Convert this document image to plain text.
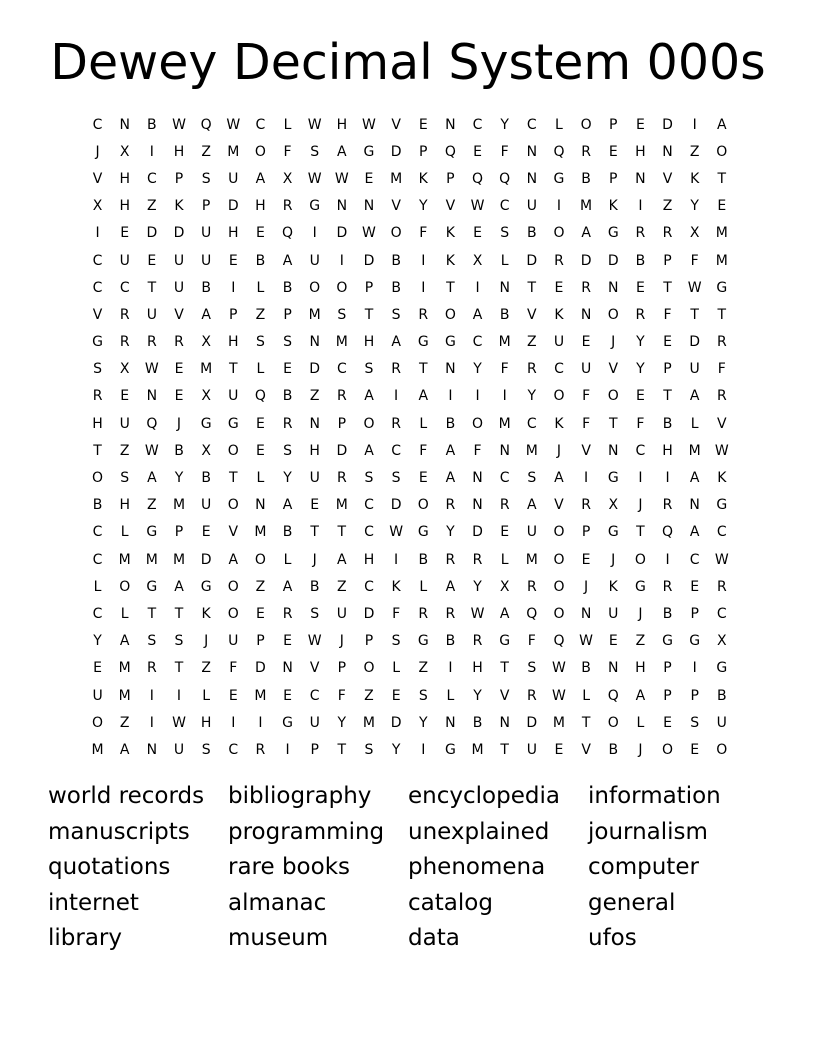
Dewey Decimal System 000s
C	N	B	W	Q	W	C	L	W	H	W	V	E	N	C	Y	C	L	O	P	E	D	I	A
J	X	I	H	Z	M	O	F	S	A	G	D	P	Q	E	F	N	Q	R	E	H	N	Z	O
V	H	C	P	S	U	A	X	W W	E	M	K	P	Q	Q	N	G	B	P	N	V	K	T
X	H	Z	K	P	D	H	R	G	N	N	V	Y	V	W	C	U	I	M	K	I	Z	Y	E
I	E	D	D	U	H	E	Q	I	D	W	O	F	K	E	S	B	O	A	G	R	R	X	M
C	U	E	U	U	E	B	A	U	I	D	B	I	K	X	L	D	R	D	D	B	P	F	M
C	C	T	U	B	I	L	B	O	O	P	B	I	T	I	N	T	E	R	N	E	T	W	G
V	R	U	V	A	P	Z	P	M	S	T	S	R	O	A	B	V	K	N	O	R	F	T	T
G	R	R	R	X	H	S	S	N	M	H	A	G	G	C	M	Z	U	E	J	Y	E	D	R
S	X	W	E	M	T	L	E	D	C	S	R	T	N	Y	F	R	C	U	V	Y	P	U	F
R	E	N	E	X	U	Q	B	Z	R	A	I	A	I	I	I	Y	O	F	O	E	T	A	R
H	U	Q	J	G	G	E	R	N	P	O	R	L	B	O	M	C	K	F	T	F	B	L	V
T	Z	W	B	X	O	E	S	H	D	A	C	F	A	F	N	M	J	V	N	C	H	M	W
O	S	A	Y	B	T	L	Y	U	R	S	S	E	A	N	C	S	A	I	G	I	I	A	K
B	H	Z	M	U	O	N	A	E	M	C	D	O	R	N	R	A	V	R	X	J	R	N	G
C	L	G	P	E	V	M	B	T	T	C	W	G	Y	D	E	U	O	P	G	T	Q	A	C
C	M	M	M	D	A	O	L	J	A	H	I	B	R	R	L	M	O	E	J	O	I	C	W
L	O	G	A	G	O	Z	A	B	Z	C	K	L	A	Y	X	R	O	J	K	G	R	E	R
C	L	T	T	K	O	E	R	S	U	D	F	R	R	W	A	Q	O	N	U	J	B	P	C
Y	A	S	S	J	U	P	E	W	J	P	S	G	B	R	G	F	Q	W	E	Z	G	G	X
E	M	R	T	Z	F	D	N	V	P	O	L	Z	I	H	T	S	W	B	N	H	P	I	G
U	M	I	I	L	E	M	E	C	F	Z	E	S	L	Y	V	R	W	L	Q	A	P	P	B
O	Z	I	W	H	I	I	G	U	Y	M	D	Y	N	B	N	D	M	T	O	L	E	S	U
M	A	N	U	S	C	R	I	P	T	S	Y	I	G	M	T	U	E	V	B	J	O	E	O
world records	bibliography	encyclopedia	information
manuscripts	programming	unexplained	journalism
quotations	rare books	phenomena	computer
internet	almanac	catalog	general
library	museum	data	ufos
